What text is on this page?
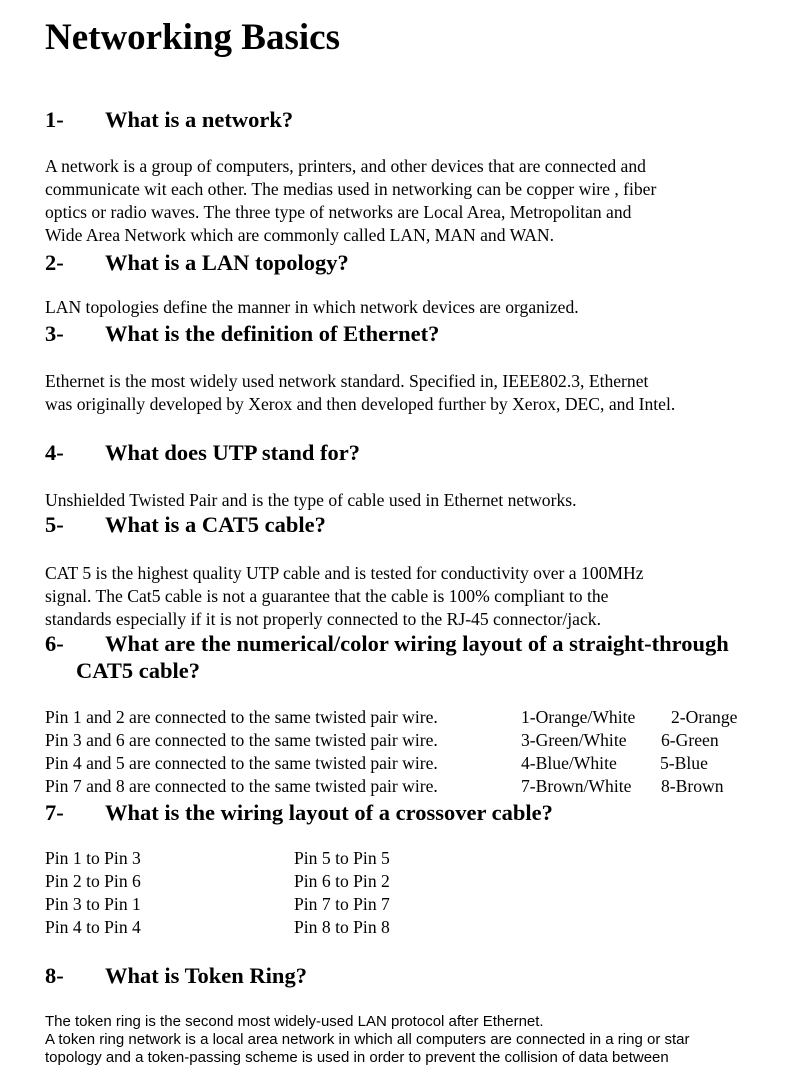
Networking Basics
1- What is a network?
A network is a group of computers, printers, and other devices that are connected and
communicate wit each other. The medias used in networking can be copper wire , fiber
optics or radio waves. The three type of networks are Local Area, Metropolitan and
Wide Area Network which are commonly called LAN, MAN and WAN.
2- What is a LAN topology?
LAN topologies define the manner in which network devices are organized.
3- What is the definition of Ethernet?
Ethernet is the most widely used network standard. Specified in, IEEE802.3, Ethernet
was originally developed by Xerox and then developed further by Xerox, DEC, and Intel.
4- What does UTP stand for?
Unshielded Twisted Pair and is the type of cable used in Ethernet networks.
5- What is a CAT5 cable?
CAT 5 is the highest quality UTP cable and is tested for conductivity over a 100MHz
signal. The Cat5 cable is not a guarantee that the cable is 100% compliant to the
standards especially if it is not properly connected to the RJ-45 connector/jack.
6- What are the numerical/color wiring layout of a straight-through
CAT5 cable?
Pin 1 and 2 are connected to the same twisted pair wire.	1-Orange/White 2-Orange
Pin 3 and 6 are connected to the same twisted pair wire.	3-Green/White 6-Green
Pin 4 and 5 are connected to the same twisted pair wire.	4-Blue/White 5-Blue
Pin 7 and 8 are connected to the same twisted pair wire.	7-Brown/White 8-Brown
7- What is the wiring layout of a crossover cable?
Pin 1 to Pin 3	Pin 5 to Pin 5
Pin 2 to Pin 6	Pin 6 to Pin 2
Pin 3 to Pin 1	Pin 7 to Pin 7
Pin 4 to Pin 4	Pin 8 to Pin 8
8- What is Token Ring?
The token ring is the second most widely-used LAN protocol after Ethernet.
A token ring network is a local area network in which all computers are connected in a ring or star
topology and a token-passing scheme is used in order to prevent the collision of data between
